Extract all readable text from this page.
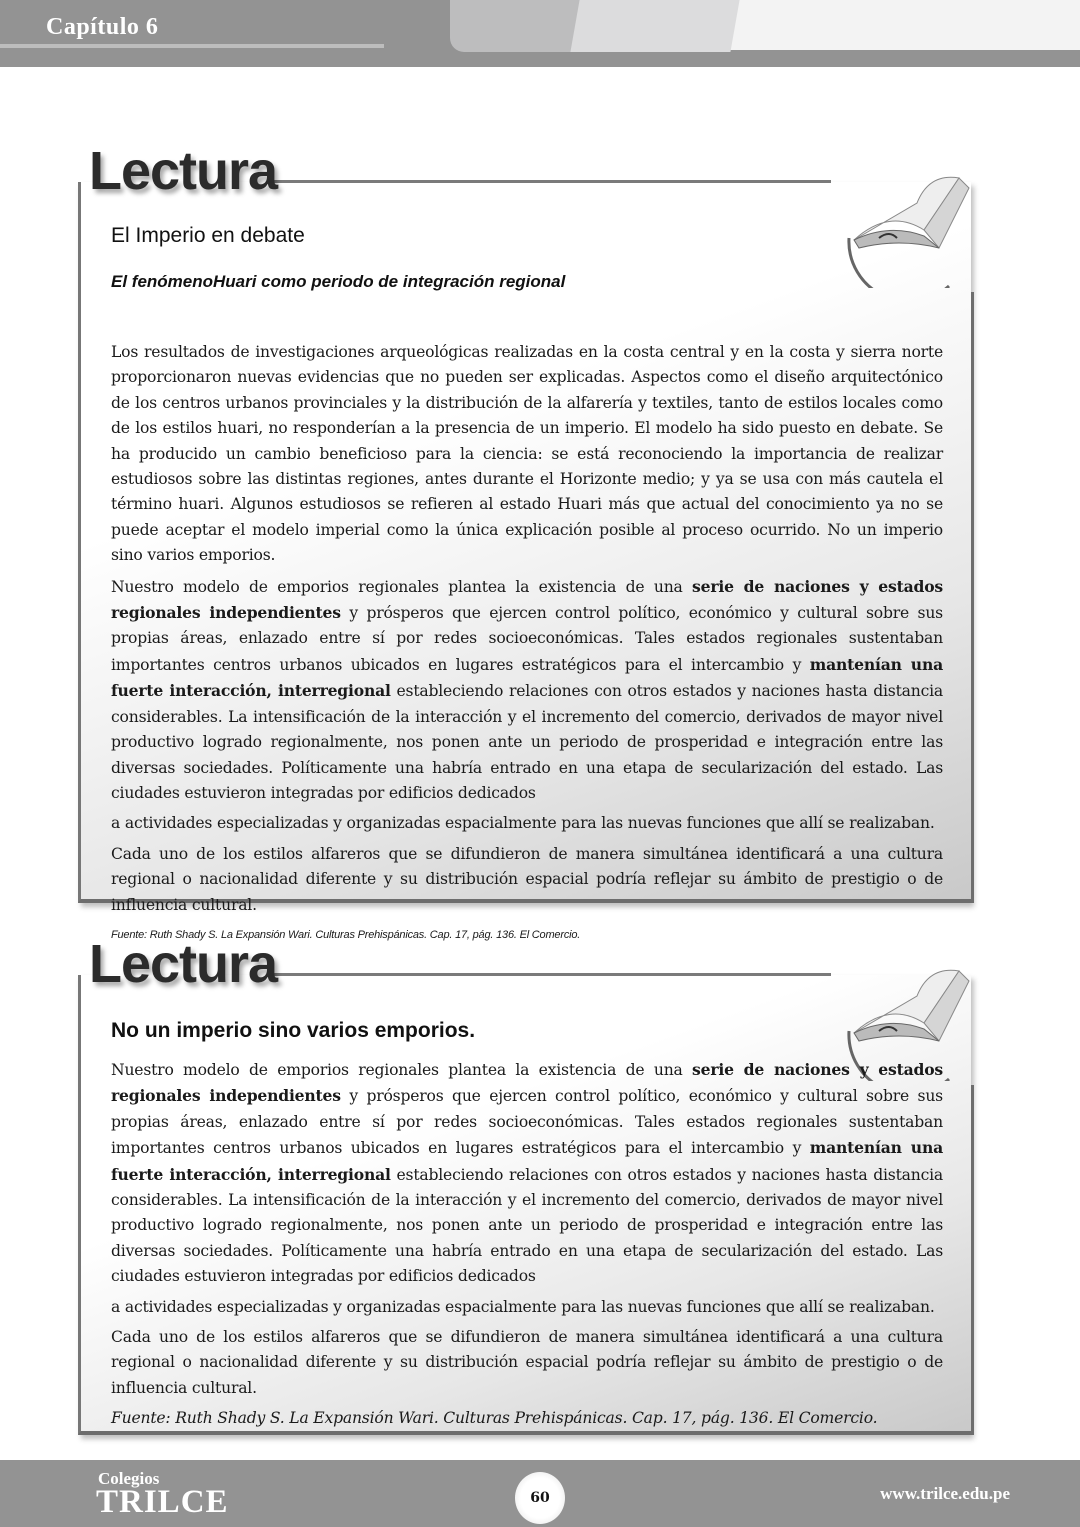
Capítulo 6
Lectura
El Imperio en debate
El fenómenoHuari como periodo de integración regional

Los resultados de investigaciones arqueológicas realizadas en la costa central y en la costa y sierra norte proporcionaron nuevas evidencias que no pueden ser explicadas. Aspectos como el diseño arquitectónico de los centros urbanos provinciales y la distribución de la alfarería y textiles, tanto de estilos locales como de los estilos huari, no responderían a la presencia de un imperio. El modelo ha sido puesto en debate. Se ha producido un cambio beneficioso para la ciencia: se está reconociendo la importancia de realizar estudiosos sobre las distintas regiones, antes durante el Horizonte medio; y ya se usa con más cautela el término huari. Algunos estudiosos se refieren al estado Huari más que actual del conocimiento ya no se puede aceptar el modelo imperial como la única explicación posible al proceso ocurrido. No un imperio sino varios emporios.

Nuestro modelo de emporios regionales plantea la existencia de una serie de naciones y estados regionales independientes y prósperos que ejercen control político, económico y cultural sobre sus propias áreas, enlazado entre sí por redes socioeconómicas. Tales estados regionales sustentaban importantes centros urbanos ubicados en lugares estratégicos para el intercambio y mantenían una fuerte interacción, interregional estableciendo relaciones con otros estados y naciones hasta distancia considerables. La intensificación de la interacción y el incremento del comercio, derivados de mayor nivel productivo logrado regionalmente, nos ponen ante un periodo de prosperidad e integración entre las diversas sociedades. Políticamente una habría entrado en una etapa de secularización del estado. Las ciudades estuvieron integradas por edificios dedicados

a actividades especializadas y organizadas espacialmente para las nuevas funciones que allí se realizaban.

Cada uno de los estilos alfareros que se difundieron de manera simultánea identificará a una cultura regional o nacionalidad diferente y su distribución espacial podría reflejar su ámbito de prestigio o de influencia cultural.

Fuente: Ruth Shady S. La Expansión Wari. Culturas Prehispánicas. Cap. 17, pág. 136. El Comercio.
Lectura
No un imperio sino varios emporios.

Nuestro modelo de emporios regionales plantea la existencia de una serie de naciones y estados regionales independientes y prósperos que ejercen control político, económico y cultural sobre sus propias áreas, enlazado entre sí por redes socioeconómicas. Tales estados regionales sustentaban importantes centros urbanos ubicados en lugares estratégicos para el intercambio y mantenían una fuerte interacción, interregional estableciendo relaciones con otros estados y naciones hasta distancia considerables. La intensificación de la interacción y el incremento del comercio, derivados de mayor nivel productivo logrado regionalmente, nos ponen ante un periodo de prosperidad e integración entre las diversas sociedades. Políticamente una habría entrado en una etapa de secularización del estado. Las ciudades estuvieron integradas por edificios dedicados

a actividades especializadas y organizadas espacialmente para las nuevas funciones que allí se realizaban.

Cada uno de los estilos alfareros que se difundieron de manera simultánea identificará a una cultura regional o nacionalidad diferente y su distribución espacial podría reflejar su ámbito de prestigio o de influencia cultural.

Fuente: Ruth Shady S. La Expansión Wari. Culturas Prehispánicas. Cap. 17, pág. 136. El Comercio.
Colegios
TRILCE	60	www.trilce.edu.pe
